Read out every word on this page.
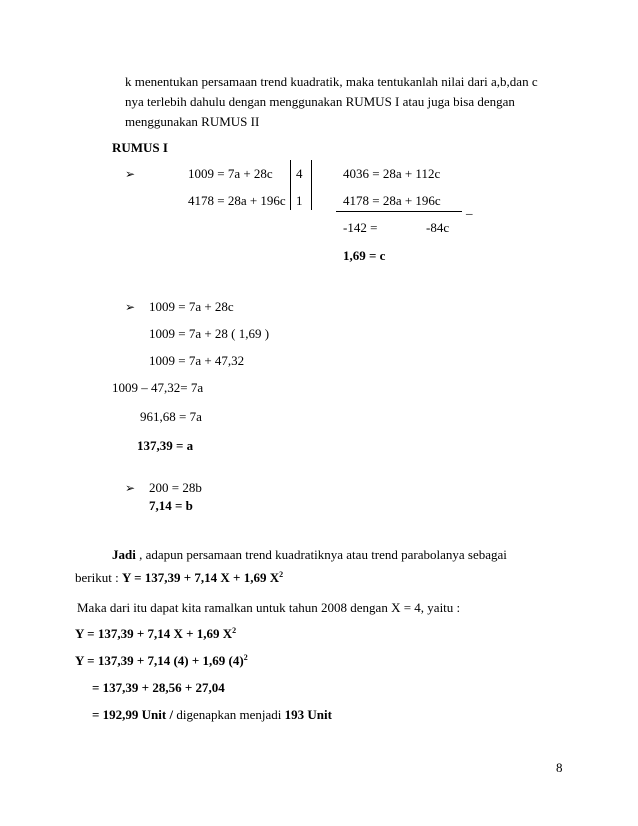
k menentukan persamaan trend kuadratik, maka tentukanlah nilai dari a,b,dan c
nya terlebih dahulu dengan menggunakan RUMUS I atau juga bisa dengan
menggunakan RUMUS II
RUMUS I
➢	1009 = 7a + 28c 4
4178 = 28a + 196c 1
4036 = 28a + 112c
4178 = 28a + 196c
_
-142 =	-84c
1,69 = c
➢ 1009 = 7a + 28c
1009 = 7a + 28 ( 1,69 )
1009 = 7a + 47,32
1009 – 47,32= 7a
961,68 = 7a
137,39 = a
➢ 200 = 28b
7,14 = b
Jadi , adapun persamaan trend kuadratiknya atau trend parabolanya sebagai
berikut : Y = 137,39 + 7,14 X + 1,69 $X^2$
Maka dari itu dapat kita ramalkan untuk tahun 2008 dengan X = 4, yaitu :
Y = 137,39 + 7,14 X + 1,69 $X^2$
Y = 137,39 + 7,14 (4) + 1,69 $(4)^2$
= 137,39 + 28,56 + 27,04
= 192,99 Unit / digenapkan menjadi 193 Unit
8
